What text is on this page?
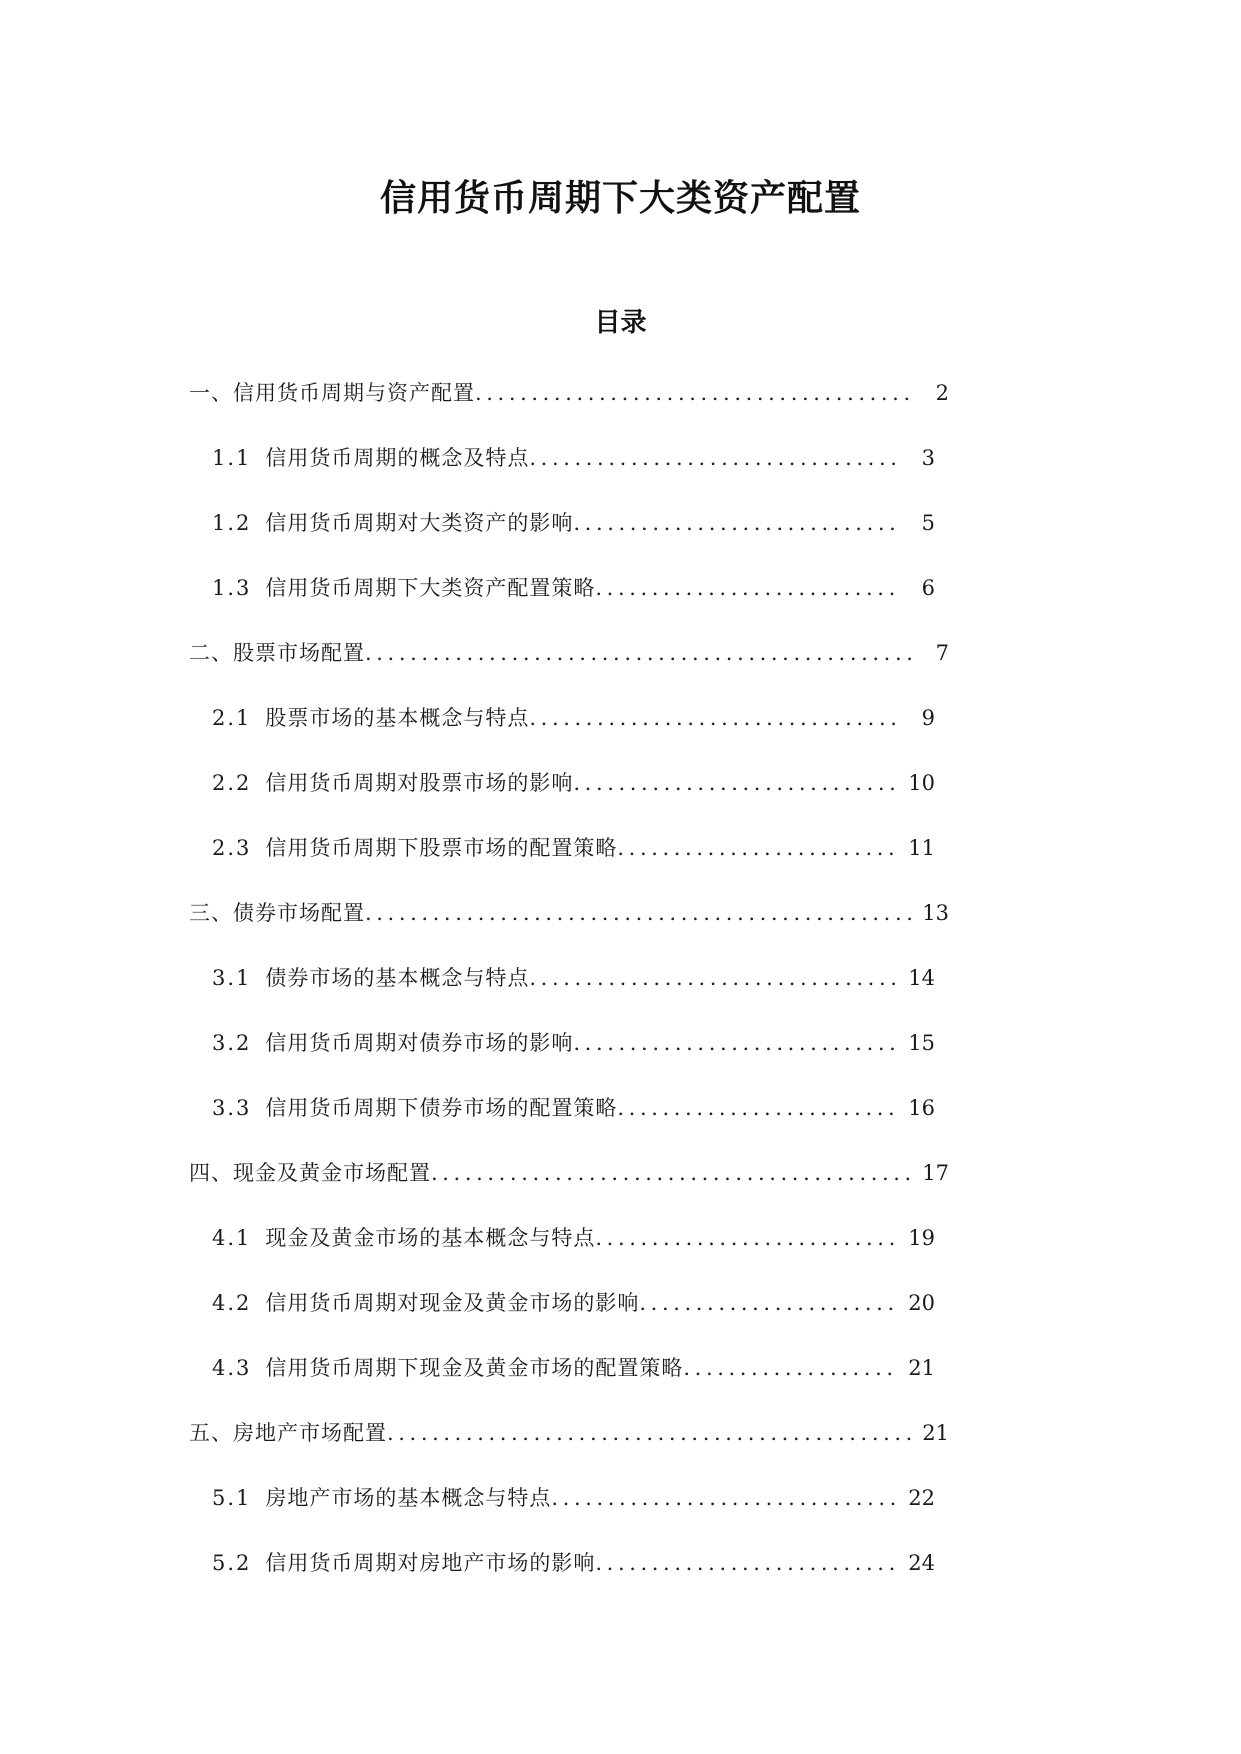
信用货币周期下大类资产配置
目录
一、信用货币周期与资产配置 .....	2
1.1 信用货币周期的概念及特点 .....	3
1.2 信用货币周期对大类资产的影响 .....	5
1.3 信用货币周期下大类资产配置策略 .....	6
二、股票市场配置 .....	7
2.1 股票市场的基本概念与特点 .....	9
2.2 信用货币周期对股票市场的影响 .....	10
2.3 信用货币周期下股票市场的配置策略 .....	11
三、债券市场配置 .....	13
3.1 债券市场的基本概念与特点 .....	14
3.2 信用货币周期对债券市场的影响 .....	15
3.3 信用货币周期下债券市场的配置策略 .....	16
四、现金及黄金市场配置 .....	17
4.1 现金及黄金市场的基本概念与特点 .....	19
4.2 信用货币周期对现金及黄金市场的影响 .....	20
4.3 信用货币周期下现金及黄金市场的配置策略 .....	21
五、房地产市场配置 .....	21
5.1 房地产市场的基本概念与特点 .....	22
5.2 信用货币周期对房地产市场的影响 .....	24
